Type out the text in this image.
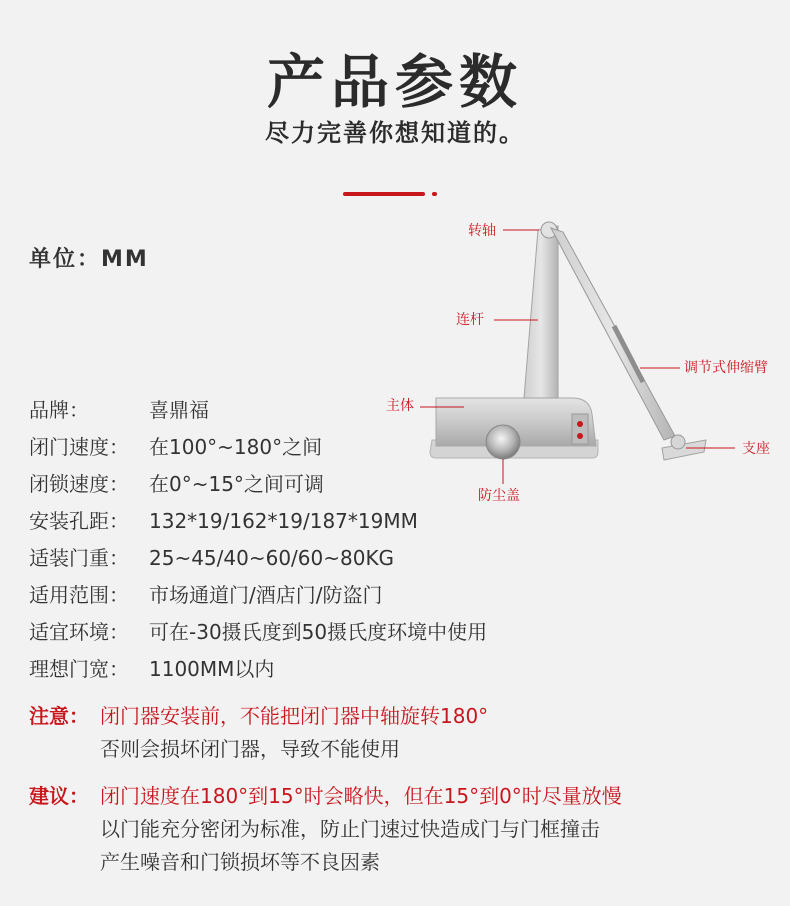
产品参数
尽力完善你想知道的。
单位：MM
转轴
连杆
调节式伸缩臂
主体
支座
防尘盖
品牌：	喜鼎福
闭门速度： 在100°~180°之间
闭锁速度： 在0°~15°之间可调
安装孔距： 132*19/162*19/187*19MM
适装门重： 25~45/40~60/60~80KG
适用范围： 市场通道门/酒店门/防盗门
适宜环境： 可在-30摄氏度到50摄氏度环境中使用
理想门宽： 1100MM以内
注意： 闭门器安装前，不能把闭门器中轴旋转180°
否则会损坏闭门器，导致不能使用
建议： 闭门速度在180°到15°时会略快，但在15°到0°时尽量放慢
以门能充分密闭为标准，防止门速过快造成门与门框撞击
产生噪音和门锁损坏等不良因素
